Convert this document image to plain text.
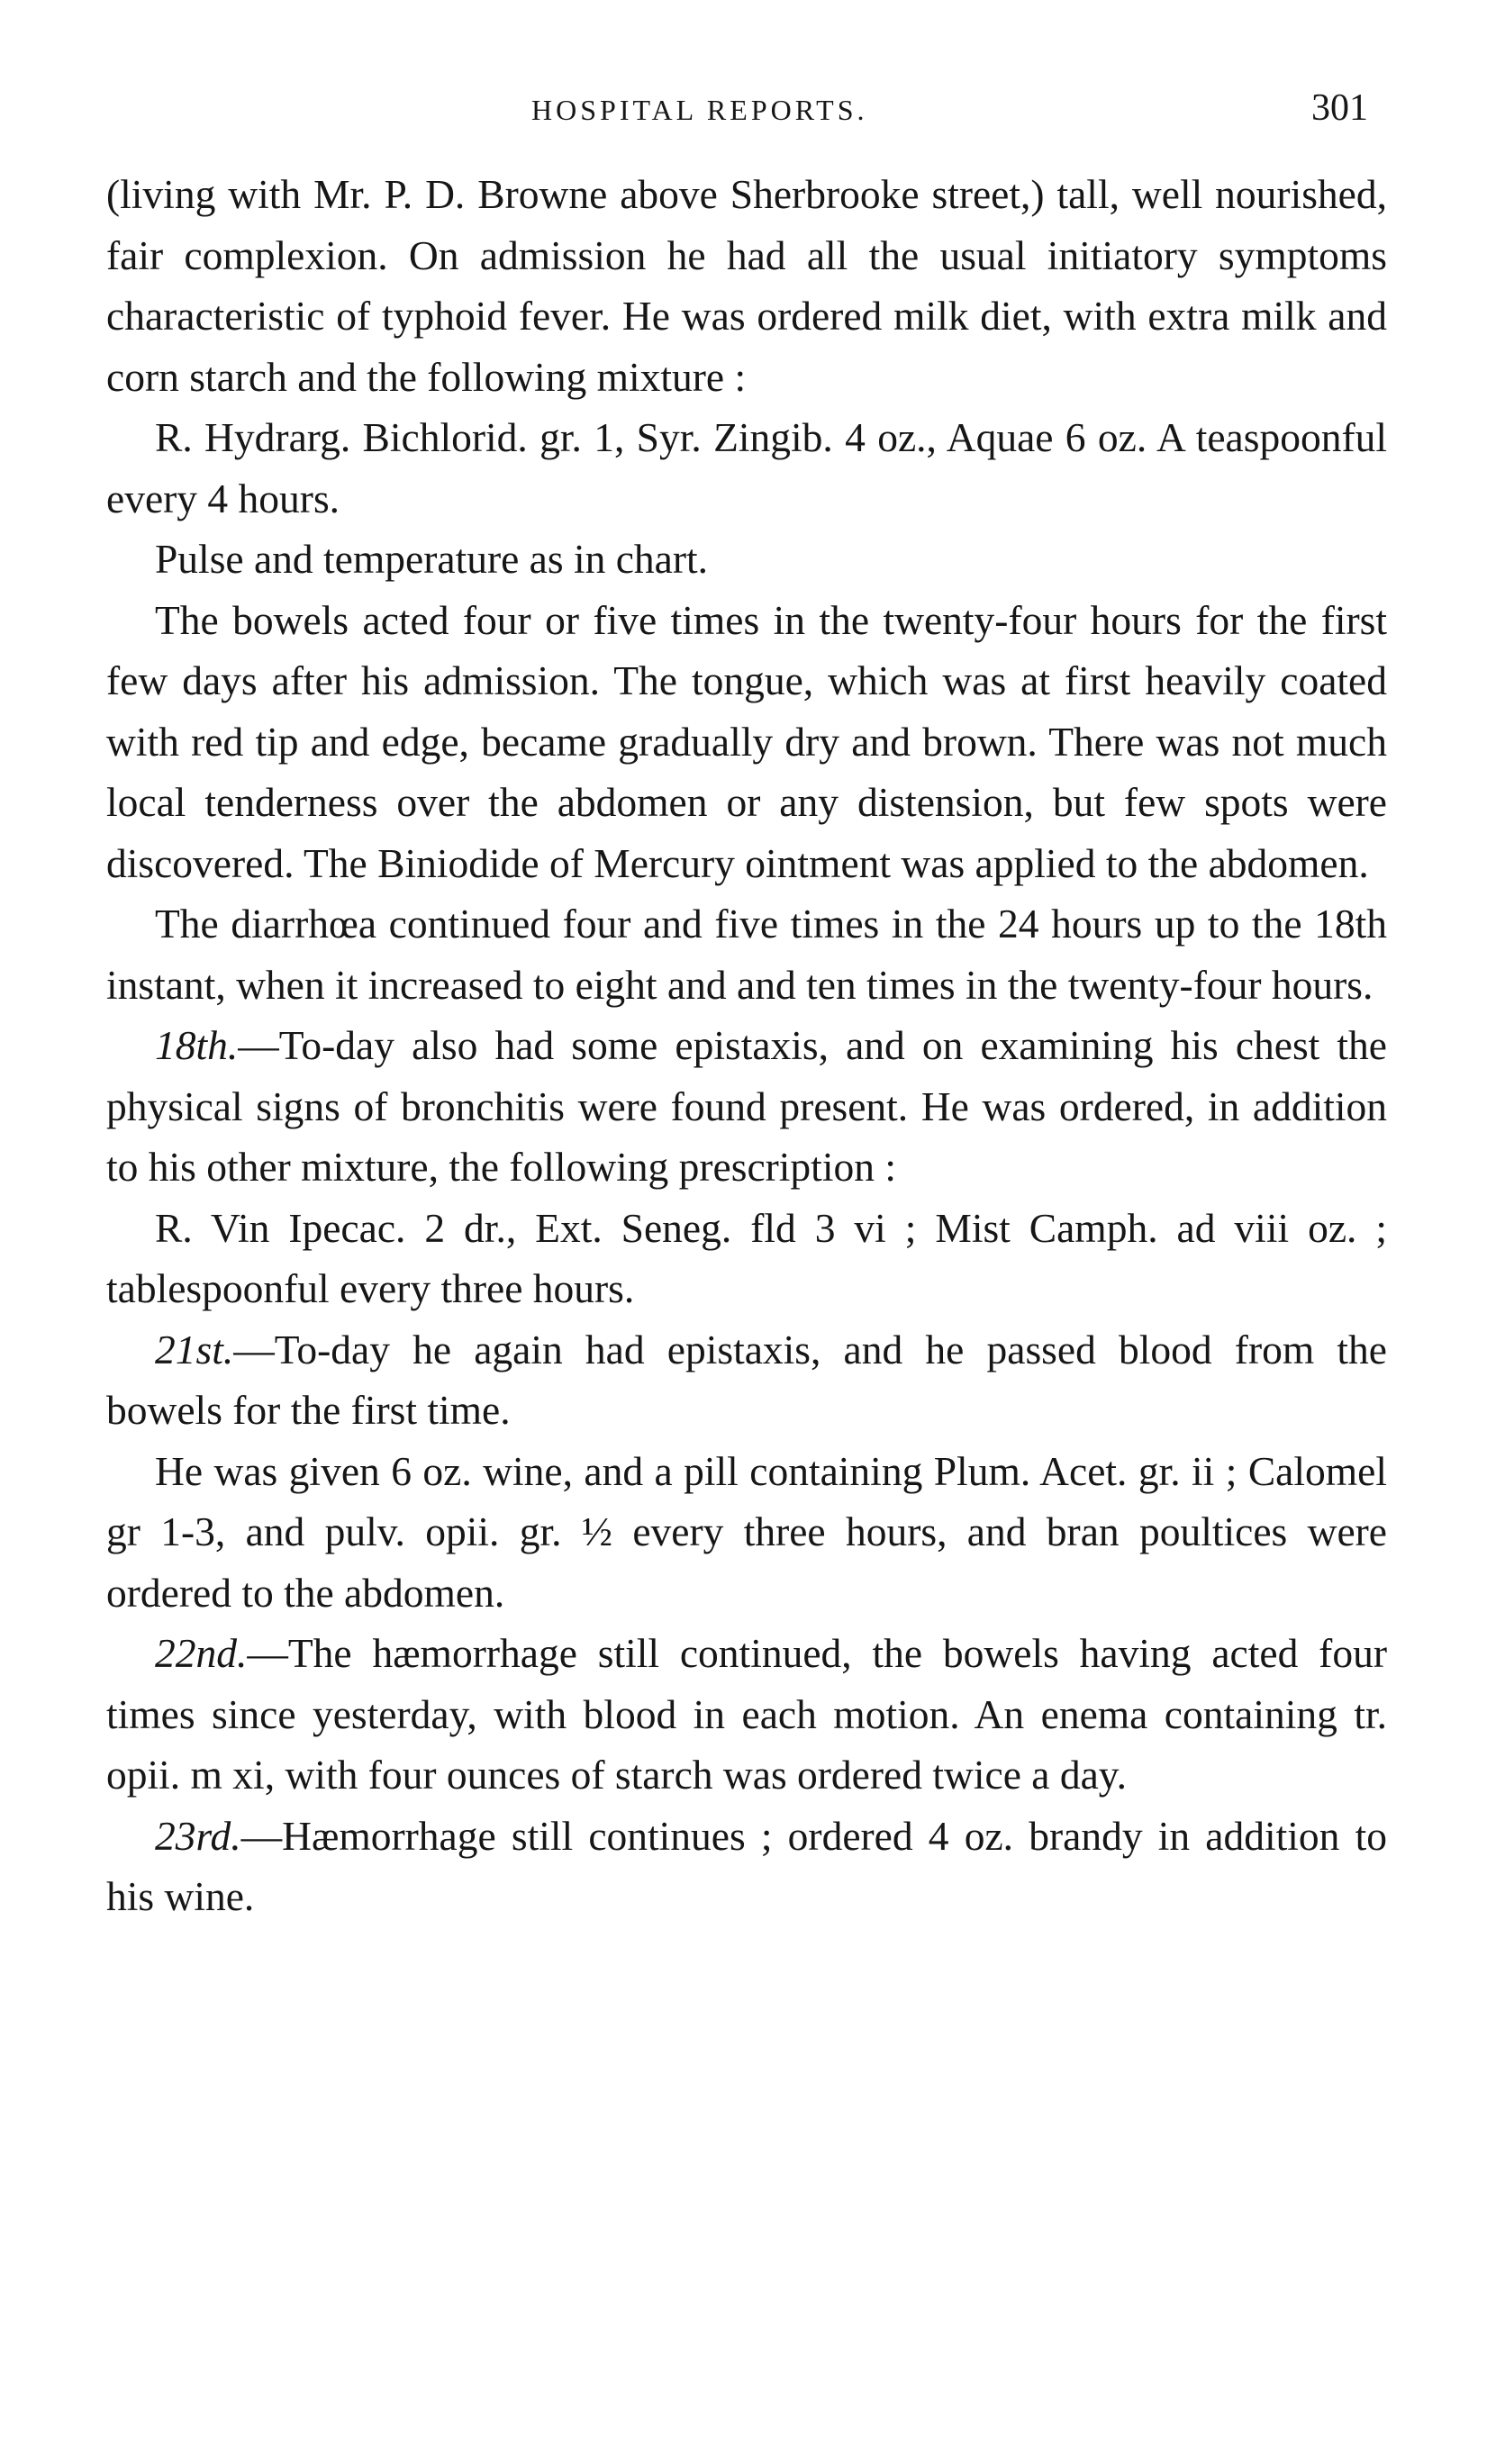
HOSPITAL REPORTS.	301

(living with Mr. P. D. Browne above Sherbrooke street,) tall, well nourished, fair complexion. On admission he had all the usual initiatory symptoms characteristic of typhoid fever. He was ordered milk diet, with extra milk and corn starch and the following mixture :

R. Hydrarg. Bichlorid. gr. 1, Syr. Zingib. 4 oz., Aquae 6 oz. A teaspoonful every 4 hours.

Pulse and temperature as in chart.

The bowels acted four or five times in the twenty-four hours for the first few days after his admission. The tongue, which was at first heavily coated with red tip and edge, became gradually dry and brown. There was not much local tenderness over the abdomen or any distension, but few spots were discovered. The Biniodide of Mercury ointment was applied to the abdomen.

The diarrhœa continued four and five times in the 24 hours up to the 18th instant, when it increased to eight and and ten times in the twenty-four hours.

18th.—To-day also had some epistaxis, and on examining his chest the physical signs of bronchitis were found present. He was ordered, in addition to his other mixture, the following prescription :

R. Vin Ipecac. 2 dr., Ext. Seneg. fld 3 vi ; Mist Camph. ad viii oz. ; tablespoonful every three hours.

21st.—To-day he again had epistaxis, and he passed blood from the bowels for the first time.

He was given 6 oz. wine, and a pill containing Plum. Acet. gr. ii ; Calomel gr 1-3, and pulv. opii. gr. ½ every three hours, and bran poultices were ordered to the abdomen.

22nd.—The hæmorrhage still continued, the bowels having acted four times since yesterday, with blood in each motion. An enema containing tr. opii. m xi, with four ounces of starch was ordered twice a day.

23rd.—Hæmorrhage still continues ; ordered 4 oz. brandy in addition to his wine.
